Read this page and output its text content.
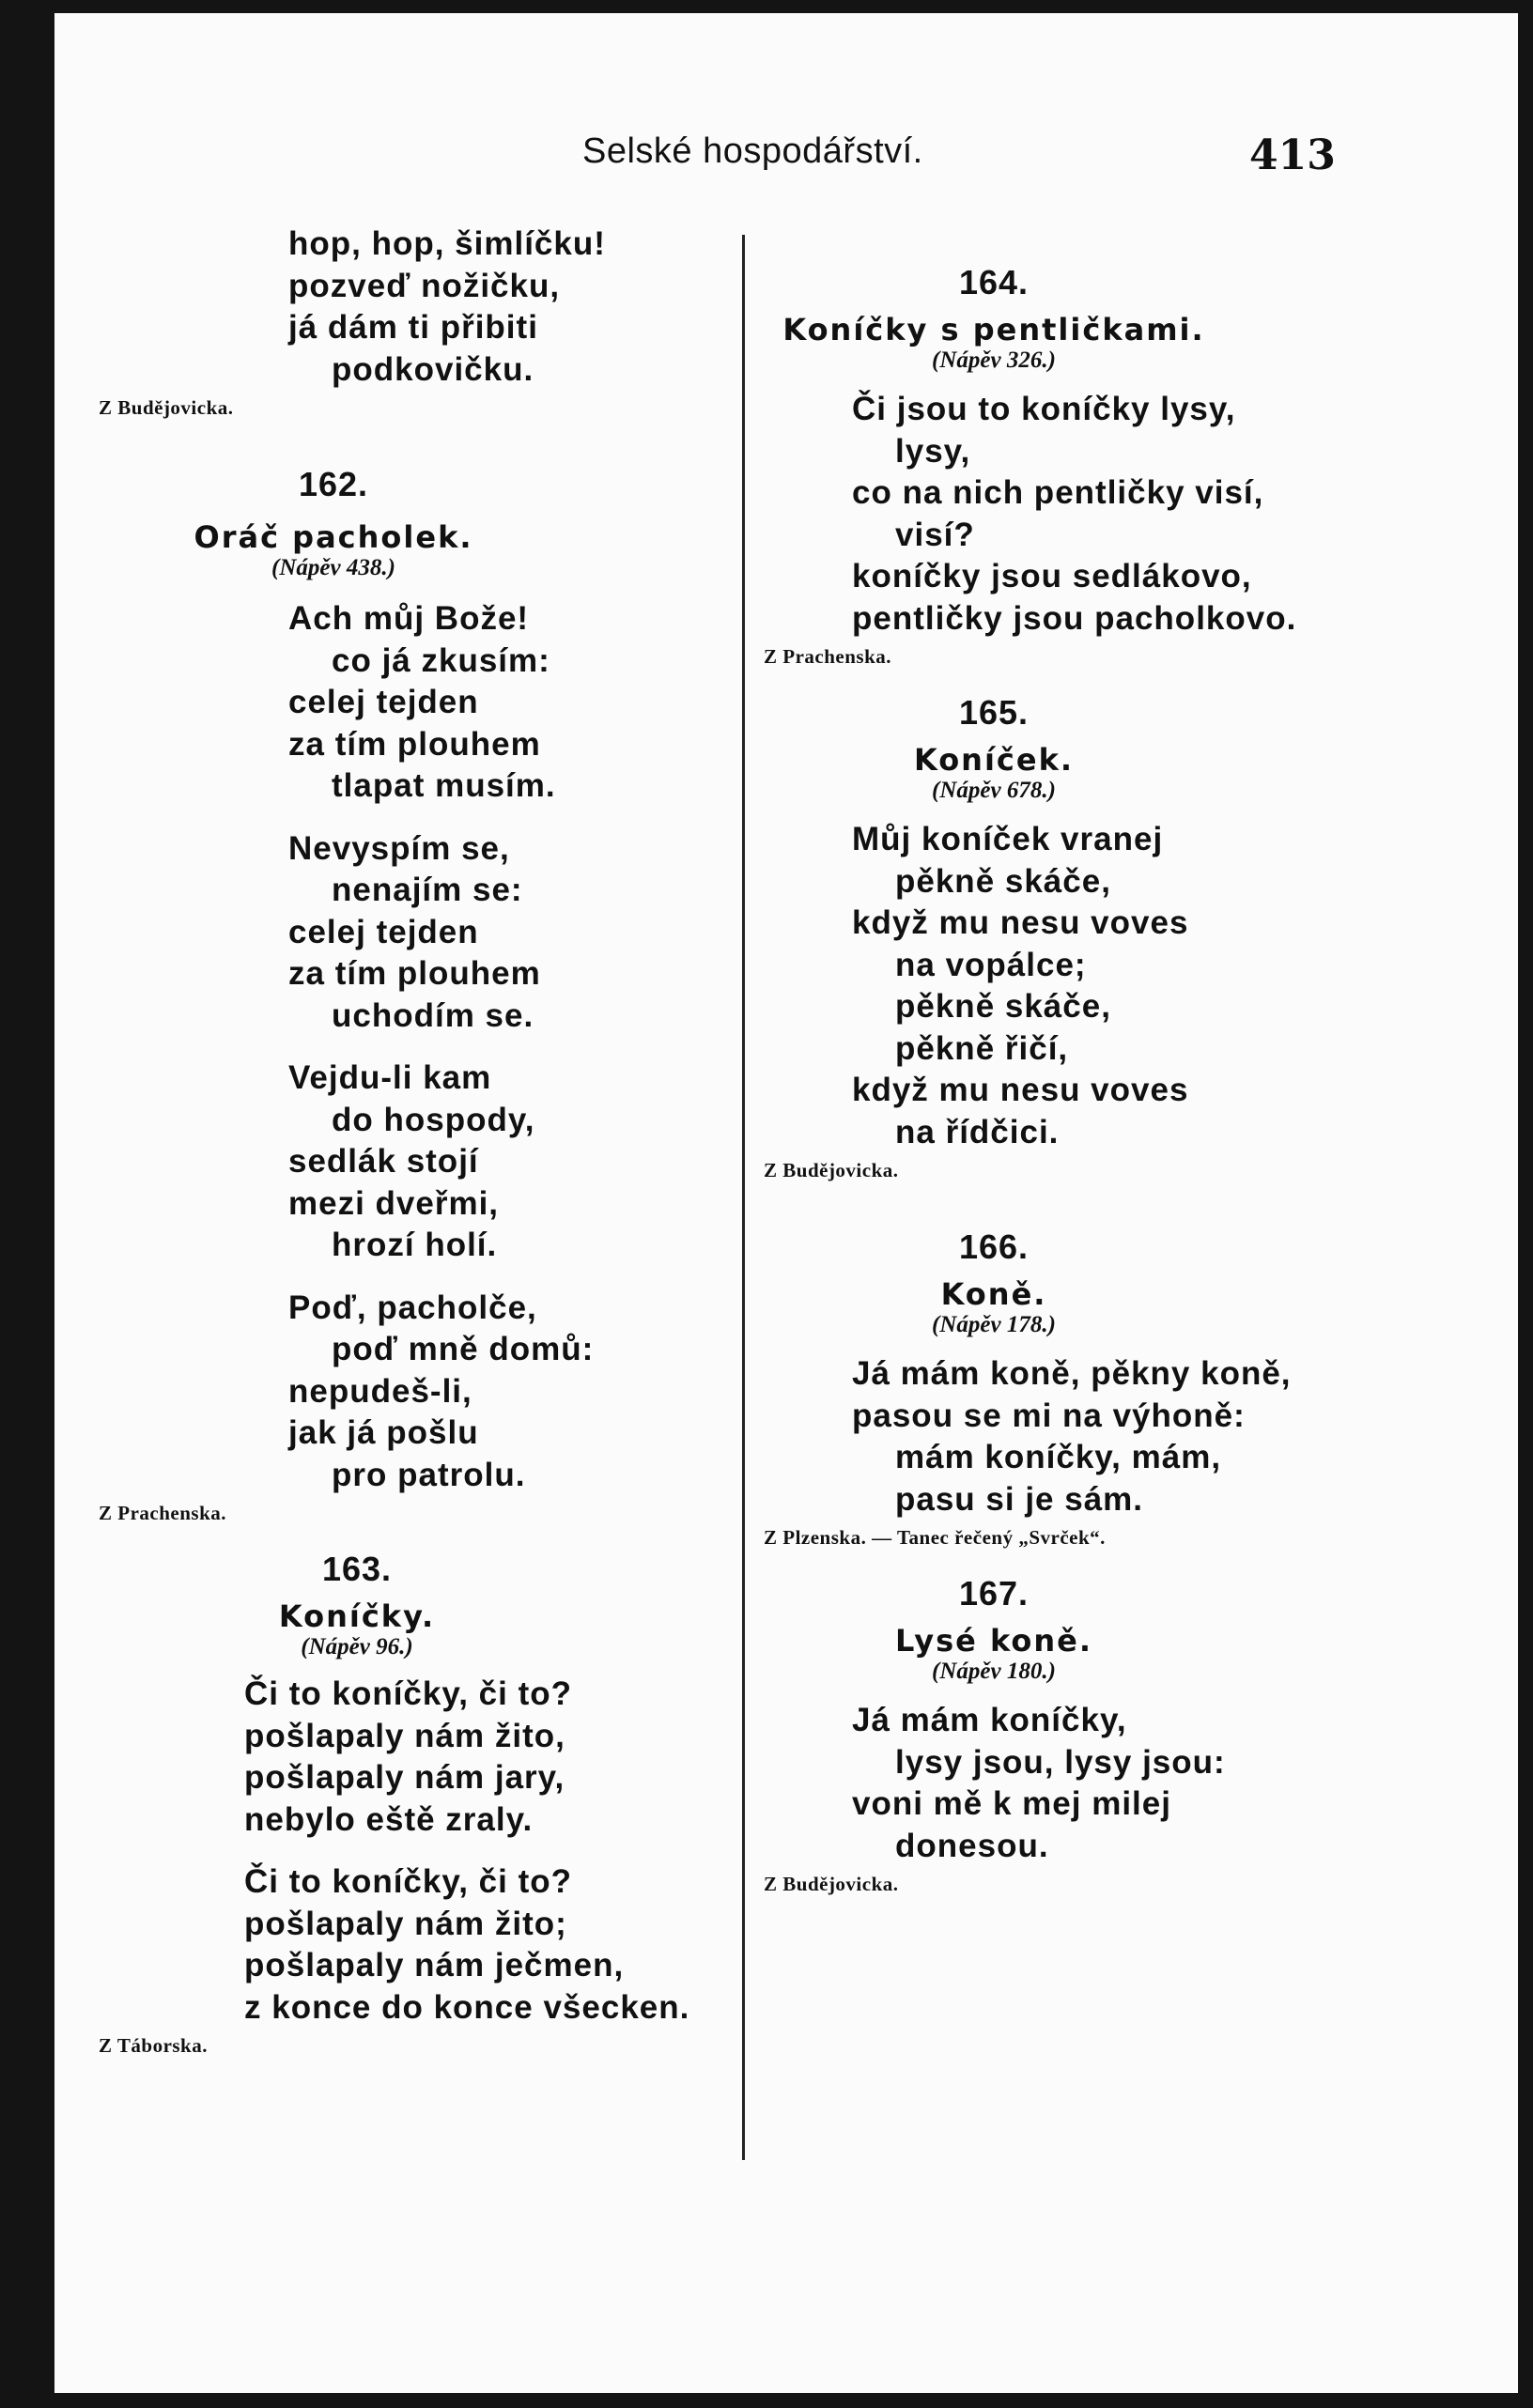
Selské hospodářství.	413
hop, hop, šimlíčku!
pozveď nožičku,
já dám ti přibiti
podkovičku.
Z Budějovicka.
162.
Oráč pacholek.
(Nápěv 438.)
Ach můj Bože!
co já zkusím:
celej tejden
za tím plouhem
tlapat musím.
Nevyspím se,
nenajím se:
celej tejden
za tím plouhem
uchodím se.
Vejdu-li kam
do hospody,
sedlák stojí
mezi dveřmi,
hrozí holí.
Poď, pacholče,
poď mně domů:
nepudeš-li,
jak já pošlu
pro patrolu.
Z Prachenska.
163.
Koníčky.
(Nápěv 96.)
Či to koníčky, či to?
pošlapaly nám žito,
pošlapaly nám jary,
nebylo eště zraly.
Či to koníčky, či to?
pošlapaly nám žito;
pošlapaly nám ječmen,
z konce do konce všecken.
Z Táborska.
164.
Koníčky s pentličkami.
(Nápěv 326.)
Či jsou to koníčky lysy,
lysy,
co na nich pentličky visí,
visí?
koníčky jsou sedlákovo,
pentličky jsou pacholkovo.
Z Prachenska.
165.
Koníček.
(Nápěv 678.)
Můj koníček vranej
pěkně skáče,
když mu nesu voves
na vopálce;
pěkně skáče,
pěkně řičí,
když mu nesu voves
na řídčici.
Z Budějovicka.
166.
Koně.
(Nápěv 178.)
Já mám koně, pěkny koně,
pasou se mi na výhoně:
mám koníčky, mám,
pasu si je sám.
Z Plzenska. — Tanec řečený „Svrček“.
167.
Lysé koně.
(Nápěv 180.)
Já mám koníčky,
lysy jsou, lysy jsou:
voni mě k mej milej
donesou.
Z Budějovicka.
